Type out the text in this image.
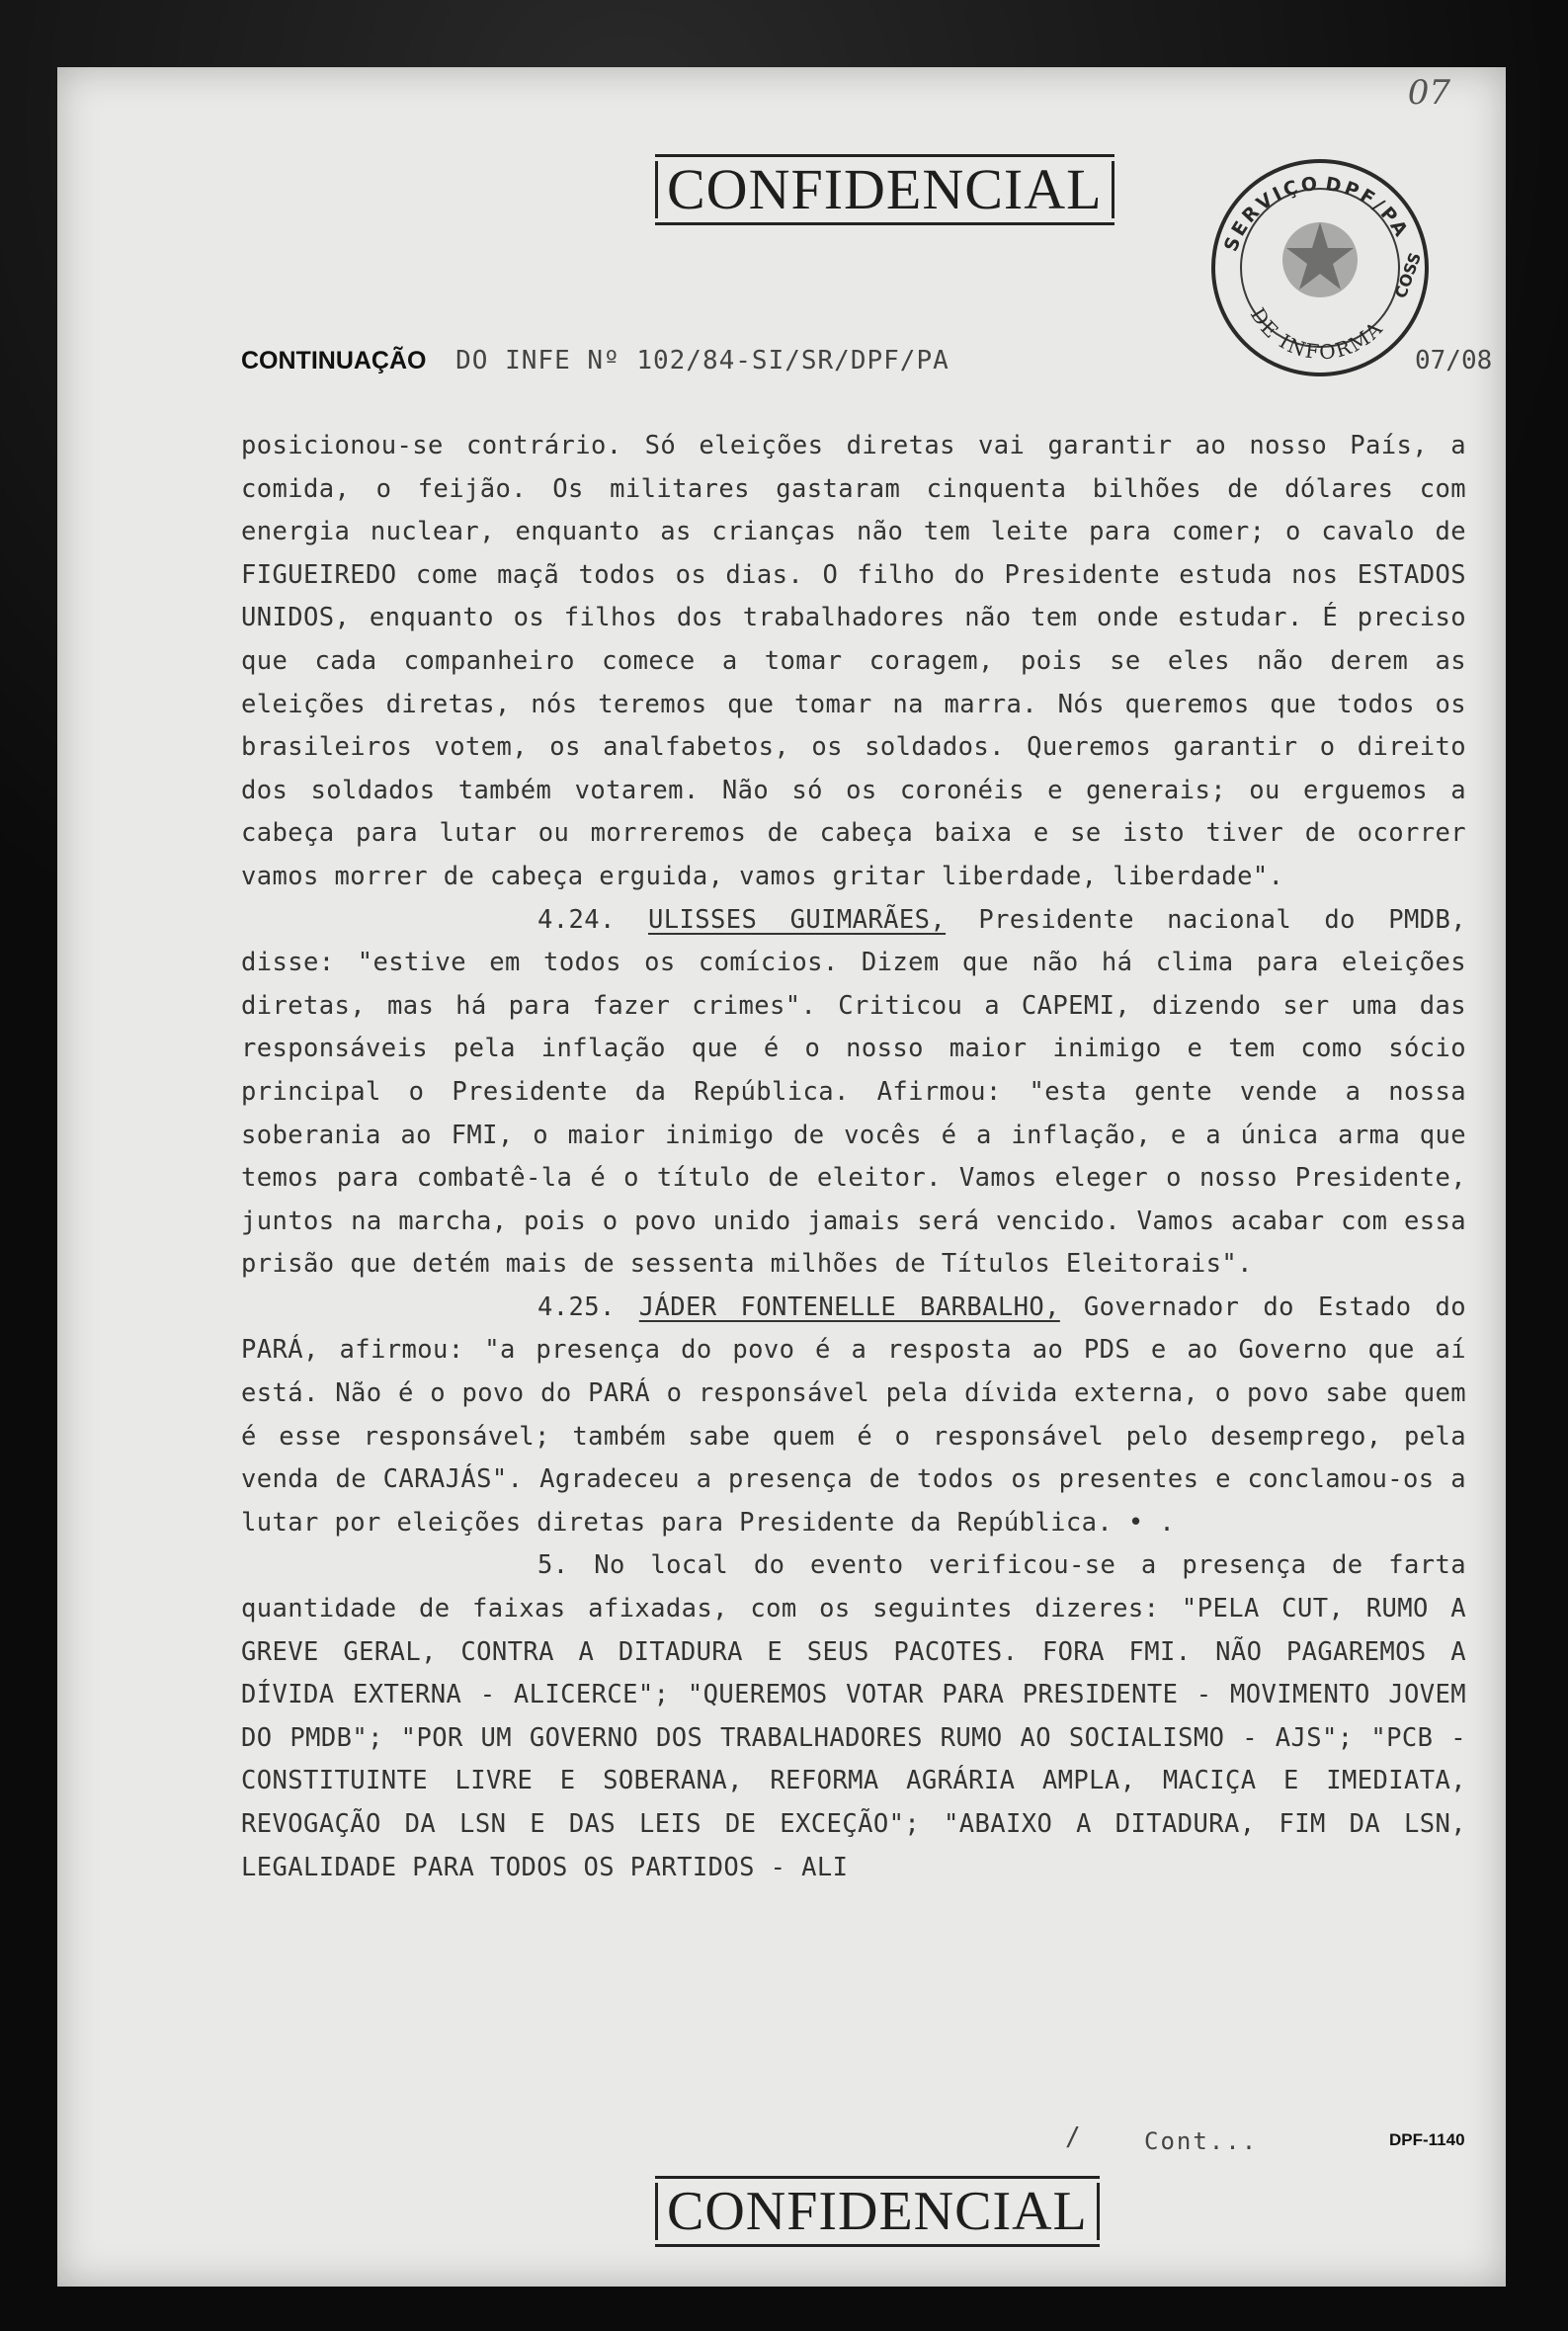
07
CONFIDENCIAL
SERVIÇO DPF/PA
DE INFORMA
COSS
CONTINUAÇÃO DO INFE Nº 102/84-SI/SR/DPF/PA	07/08

posicionou-se contrário. Só eleições diretas vai garantir ao nosso País, a comida, o feijão. Os militares gastaram cinquenta bilhões de dólares com energia nuclear, enquanto as crianças não tem leite para comer; o cavalo de FIGUEIREDO come maçã todos os dias. O filho do Presidente estuda nos ESTADOS UNIDOS, enquanto os filhos dos trabalhadores não tem onde estudar. É preciso que cada companheiro comece a tomar coragem, pois se eles não derem as eleições diretas, nós teremos que tomar na marra. Nós queremos que todos os brasileiros votem, os analfabetos, os soldados. Queremos garantir o direito dos soldados também votarem. Não só os coronéis e generais; ou erguemos a cabeça para lutar ou morreremos de cabeça baixa e se isto tiver de ocorrer vamos morrer de cabeça erguida, vamos gritar liberdade, liberdade".

4.24. ULISSES GUIMARÃES, Presidente nacional do PMDB, disse: "estive em todos os comícios. Dizem que não há clima para eleições diretas, mas há para fazer crimes". Criticou a CAPEMI, dizendo ser uma das responsáveis pela inflação que é o nosso maior inimigo e tem como sócio principal o Presidente da República. Afirmou: "esta gente vende a nossa soberania ao FMI, o maior inimigo de vocês é a inflação, e a única arma que temos para combatê-la é o título de eleitor. Vamos eleger o nosso Presidente, juntos na marcha, pois o povo unido jamais será vencido. Vamos acabar com essa prisão que detém mais de sessenta milhões de Títulos Eleitorais".

4.25. JÁDER FONTENELLE BARBALHO, Governador do Estado do PARÁ, afirmou: "a presença do povo é a resposta ao PDS e ao Governo que aí está. Não é o povo do PARÁ o responsável pela dívida externa, o povo sabe quem é esse responsável; também sabe quem é o responsável pelo desemprego, pela venda de CARAJÁS". Agradeceu a presença de todos os presentes e conclamou-os a lutar por eleições diretas para Presidente da República. • .

5. No local do evento verificou-se a presença de farta quantidade de faixas afixadas, com os seguintes dizeres: "PELA CUT, RUMO A GREVE GERAL, CONTRA A DITADURA E SEUS PACOTES. FORA FMI. NÃO PAGAREMOS A DÍVIDA EXTERNA - ALICERCE"; "QUEREMOS VOTAR PARA PRESIDENTE - MOVIMENTO JOVEM DO PMDB"; "POR UM GOVERNO DOS TRABALHADORES RUMO AO SOCIALISMO - AJS"; "PCB - CONSTITUINTE LIVRE E SOBERANA, REFORMA AGRÁRIA AMPLA, MACIÇA E IMEDIATA, REVOGAÇÃO DA LSN E DAS LEIS DE EXCEÇÃO"; "ABAIXO A DITADURA, FIM DA LSN, LEGALIDADE PARA TODOS OS PARTIDOS - ALI

CONFIDENCIAL
/	Cont...	DPF-1140
